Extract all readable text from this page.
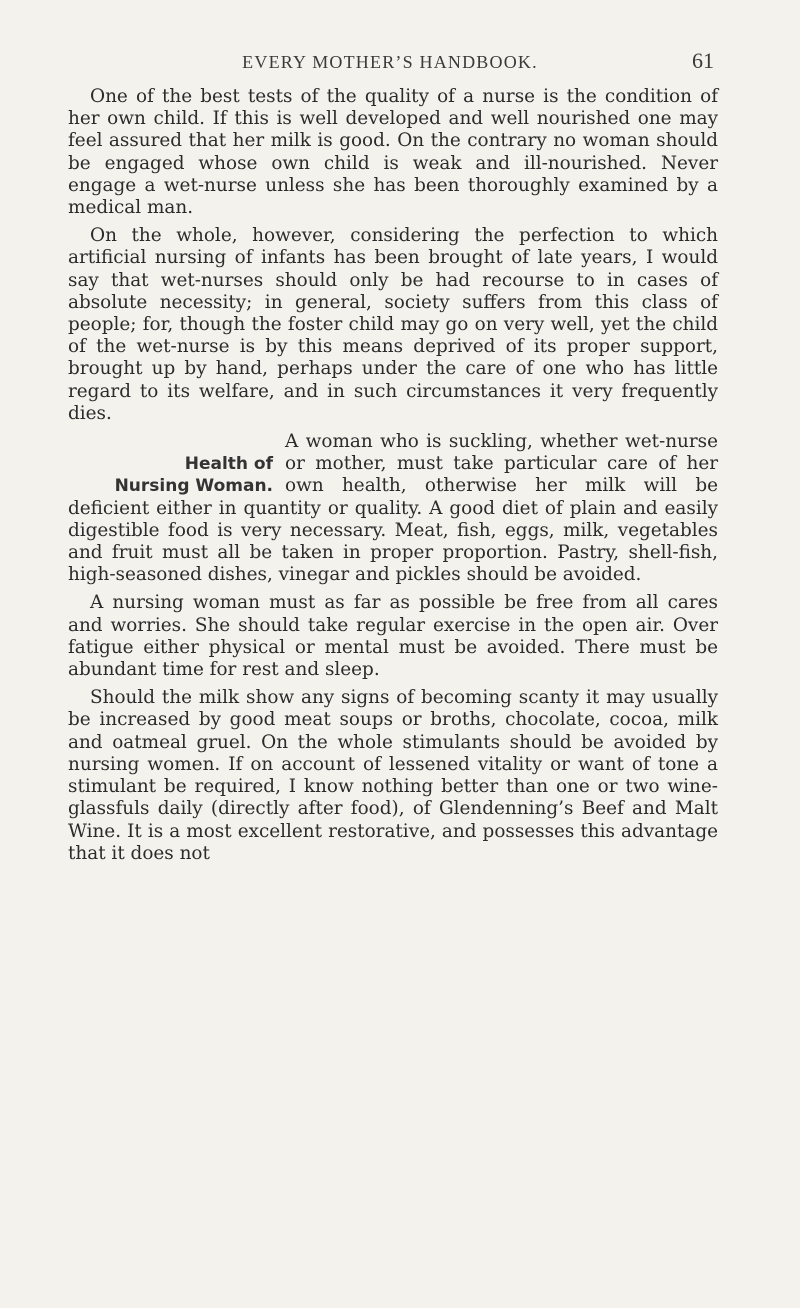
EVERY MOTHER’S HANDBOOK.	61

One of the best tests of the quality of a nurse is the condition of her own child. If this is well developed and well nourished one may feel assured that her milk is good. On the contrary no woman should be engaged whose own child is weak and ill-nourished. Never engage a wet-nurse unless she has been thoroughly examined by a medical man.

On the whole, however, considering the perfection to which artificial nursing of infants has been brought of late years, I would say that wet-nurses should only be had recourse to in cases of absolute necessity; in general, society suffers from this class of people; for, though the foster child may go on very well, yet the child of the wet-nurse is by this means deprived of its proper support, brought up by hand, perhaps under the care of one who has little regard to its welfare, and in such circumstances it very frequently dies.

Health of
Nursing Woman.

A woman who is suckling, whether wet-nurse or mother, must take particular care of her own health, otherwise her milk will be deficient either in quantity or quality. A good diet of plain and easily digestible food is very necessary. Meat, fish, eggs, milk, vegetables and fruit must all be taken in proper proportion. Pastry, shell-fish, high-seasoned dishes, vinegar and pickles should be avoided.

A nursing woman must as far as possible be free from all cares and worries. She should take regular exercise in the open air. Over fatigue either physical or mental must be avoided. There must be abundant time for rest and sleep.

Should the milk show any signs of becoming scanty it may usually be increased by good meat soups or broths, chocolate, cocoa, milk and oatmeal gruel. On the whole stimulants should be avoided by nursing women. If on account of lessened vitality or want of tone a stimulant be required, I know nothing better than one or two wine-glassfuls daily (directly after food), of Glendenning’s Beef and Malt Wine. It is a most excellent restorative, and possesses this advantage that it does not
